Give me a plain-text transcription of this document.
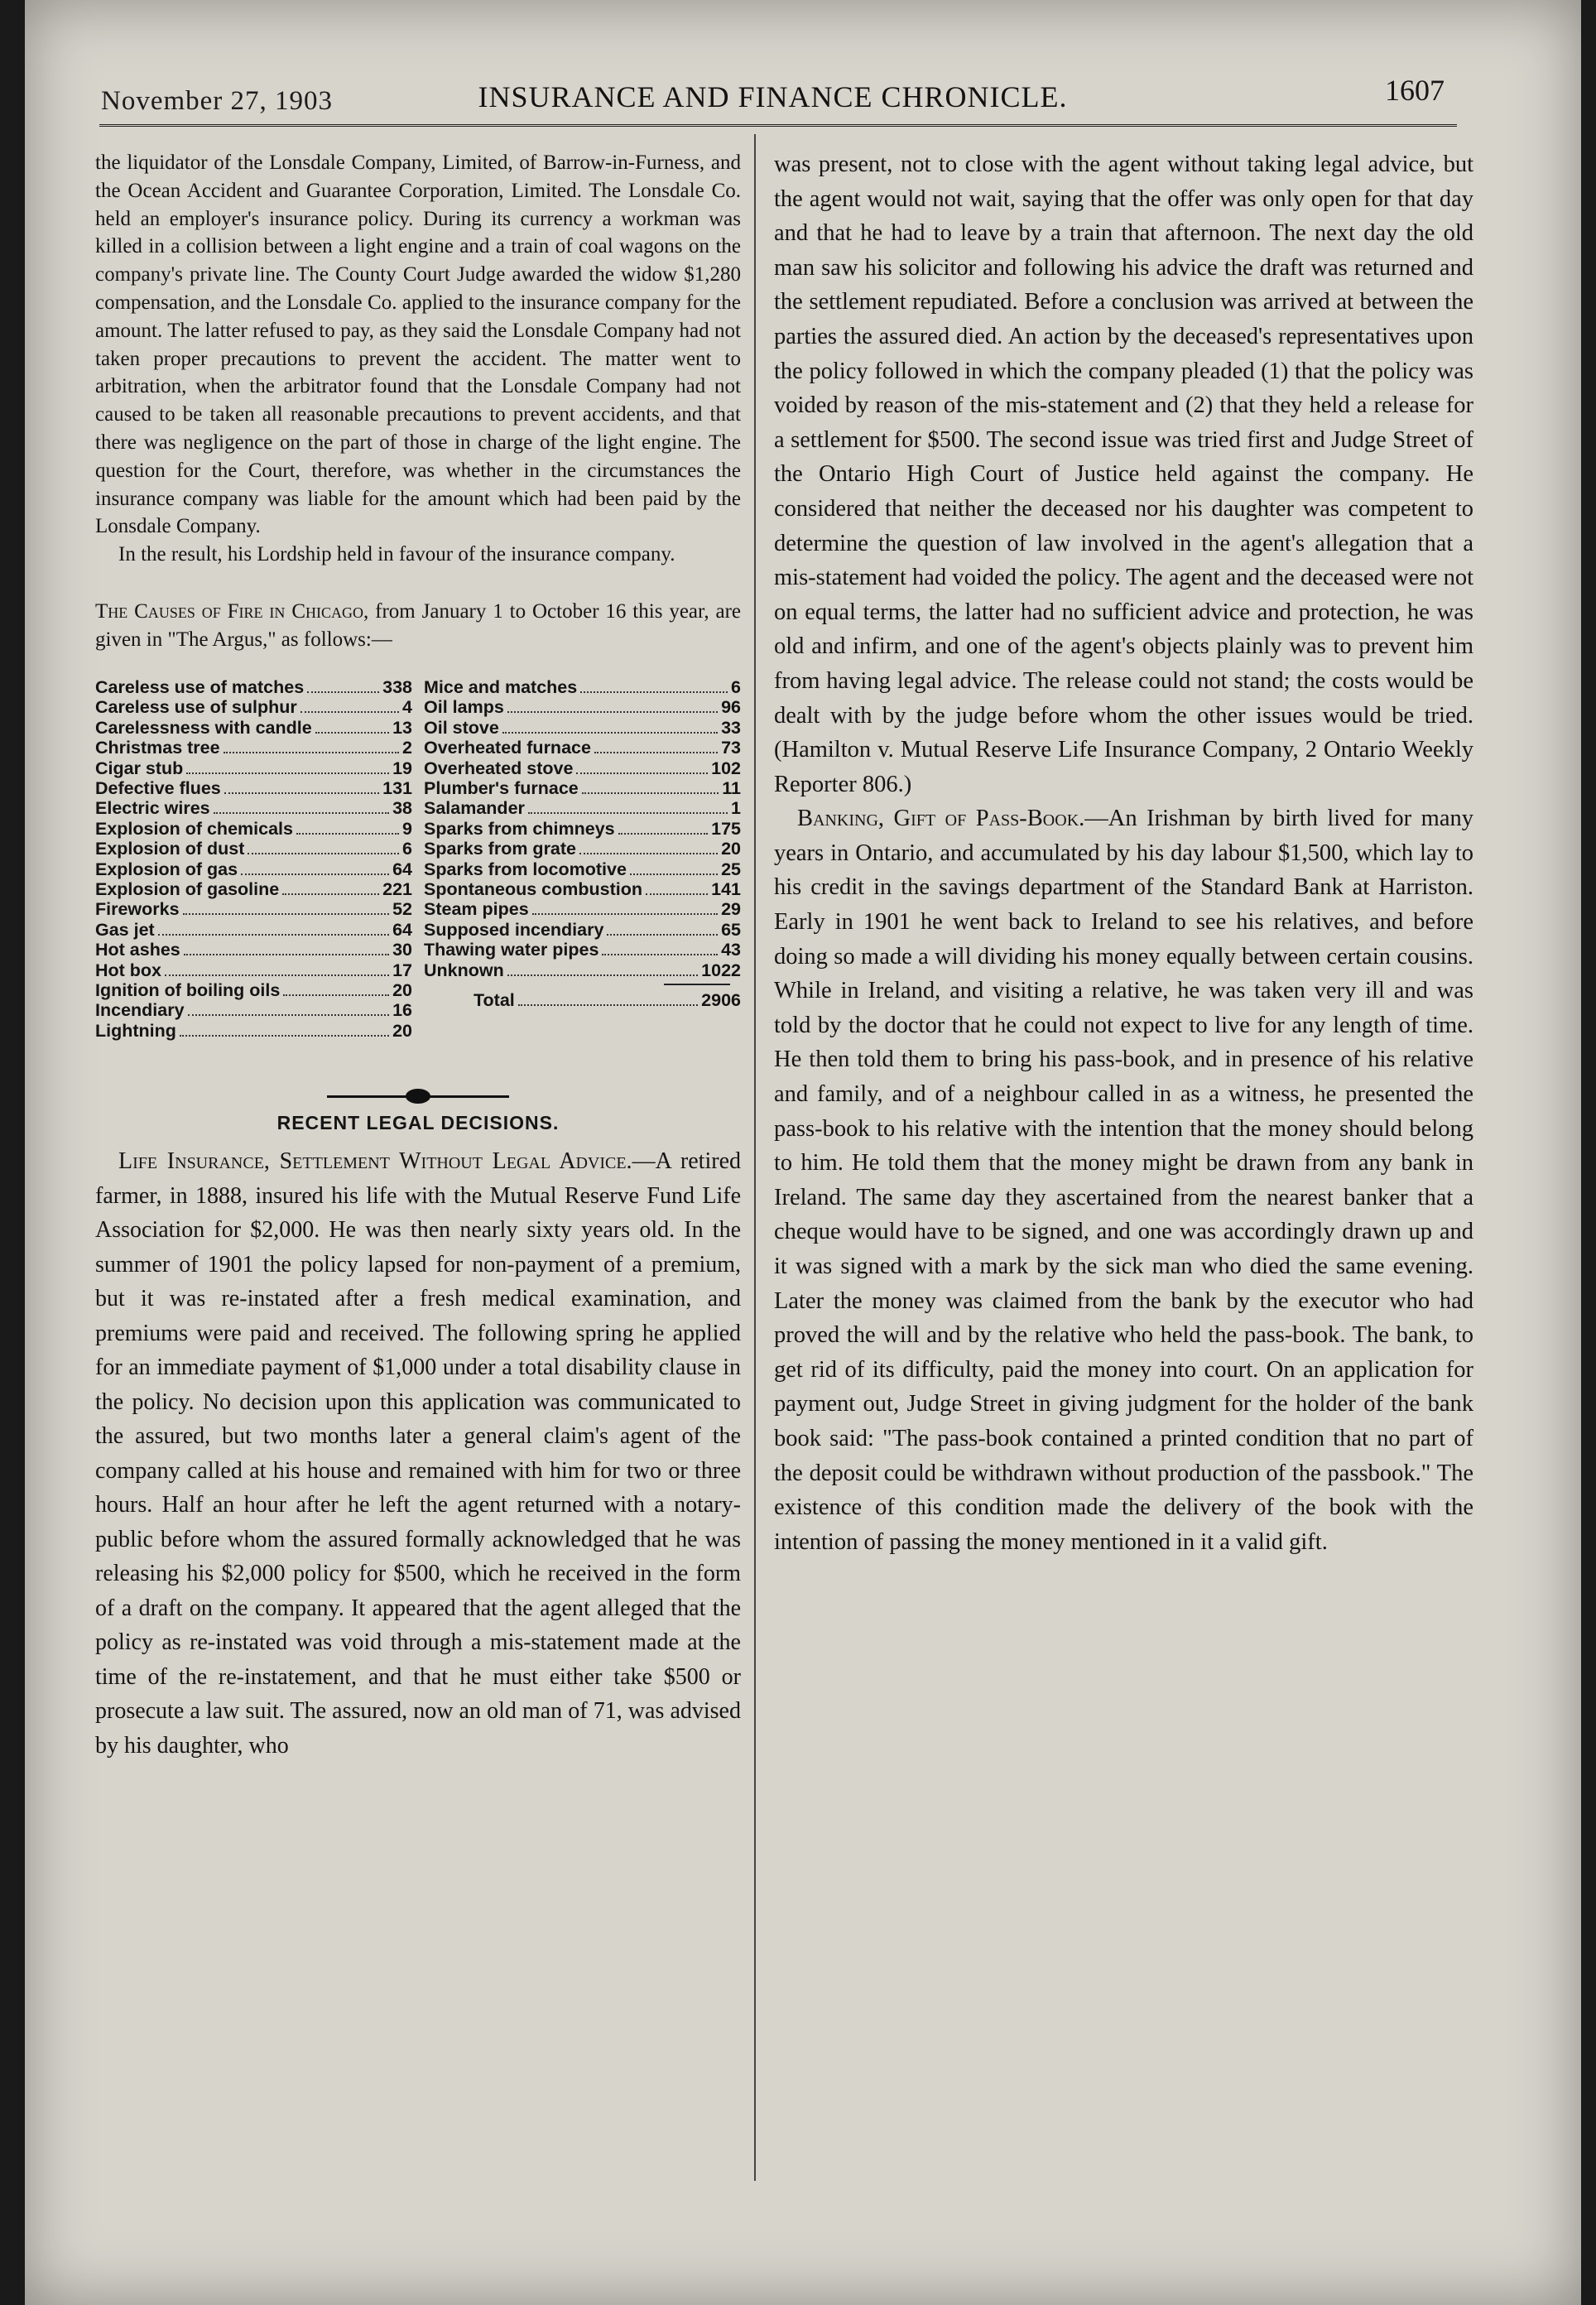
November 27, 1903	INSURANCE AND FINANCE CHRONICLE.	1607

the liquidator of the Lonsdale Company, Limited, of Barrow-in-Furness, and the Ocean Accident and Guarantee Corporation, Limited. The Lonsdale Co. held an employer's insurance policy. During its currency a workman was killed in a collision between a light engine and a train of coal wagons on the company's private line. The County Court Judge awarded the widow $1,280 compensation, and the Lonsdale Co. applied to the insurance company for the amount. The latter refused to pay, as they said the Lonsdale Company had not taken proper precautions to prevent the accident. The matter went to arbitration, when the arbitrator found that the Lonsdale Company had not caused to be taken all reasonable precautions to prevent accidents, and that there was negligence on the part of those in charge of the light engine. The question for the Court, therefore, was whether in the circumstances the insurance company was liable for the amount which had been paid by the Lonsdale Company.

In the result, his Lordship held in favour of the insurance company.

The Causes of Fire in Chicago, from January 1 to October 16 this year, are given in "The Argus," as follows:—

Careless use of matches	338
Careless use of sulphur	4
Carelessness with candle	13
Christmas tree	2
Cigar stub	19
Defective flues	131
Electric wires	38
Explosion of chemicals	9
Explosion of dust	6
Explosion of gas	64
Explosion of gasoline	221
Fireworks	52
Gas jet	64
Hot ashes	30
Hot box	17
Ignition of boiling oils	20
Incendiary	16
Lightning	20
Mice and matches	6
Oil lamps	96
Oil stove	33
Overheated furnace	73
Overheated stove	102
Plumber's furnace	11
Salamander	1
Sparks from chimneys	175
Sparks from grate	20
Sparks from locomotive	25
Spontaneous combustion	141
Steam pipes	29
Supposed incendiary	65
Thawing water pipes	43
Unknown	1022
Total	2906
RECENT LEGAL DECISIONS.

Life Insurance, Settlement Without Legal Advice.—A retired farmer, in 1888, insured his life with the Mutual Reserve Fund Life Association for $2,000. He was then nearly sixty years old. In the summer of 1901 the policy lapsed for non-payment of a premium, but it was re-instated after a fresh medical examination, and premiums were paid and received. The following spring he applied for an immediate payment of $1,000 under a total disability clause in the policy. No decision upon this application was communicated to the assured, but two months later a general claim's agent of the company called at his house and remained with him for two or three hours. Half an hour after he left the agent returned with a notary-public before whom the assured formally acknowledged that he was releasing his $2,000 policy for $500, which he received in the form of a draft on the company. It appeared that the agent alleged that the policy as re-instated was void through a mis-statement made at the time of the re-instatement, and that he must either take $500 or prosecute a law suit. The assured, now an old man of 71, was advised by his daughter, who

was present, not to close with the agent without taking legal advice, but the agent would not wait, saying that the offer was only open for that day and that he had to leave by a train that afternoon. The next day the old man saw his solicitor and following his advice the draft was returned and the settlement repudiated. Before a conclusion was arrived at between the parties the assured died. An action by the deceased's representatives upon the policy followed in which the company pleaded (1) that the policy was voided by reason of the mis-statement and (2) that they held a release for a settlement for $500. The second issue was tried first and Judge Street of the Ontario High Court of Justice held against the company. He considered that neither the deceased nor his daughter was competent to determine the question of law involved in the agent's allegation that a mis-statement had voided the policy. The agent and the deceased were not on equal terms, the latter had no sufficient advice and protection, he was old and infirm, and one of the agent's objects plainly was to prevent him from having legal advice. The release could not stand; the costs would be dealt with by the judge before whom the other issues would be tried. (Hamilton v. Mutual Reserve Life Insurance Company, 2 Ontario Weekly Reporter 806.)

Banking, Gift of Pass-Book.—An Irishman by birth lived for many years in Ontario, and accumulated by his day labour $1,500, which lay to his credit in the savings department of the Standard Bank at Harriston. Early in 1901 he went back to Ireland to see his relatives, and before doing so made a will dividing his money equally between certain cousins. While in Ireland, and visiting a relative, he was taken very ill and was told by the doctor that he could not expect to live for any length of time. He then told them to bring his pass-book, and in presence of his relative and family, and of a neighbour called in as a witness, he presented the pass-book to his relative with the intention that the money should belong to him. He told them that the money might be drawn from any bank in Ireland. The same day they ascertained from the nearest banker that a cheque would have to be signed, and one was accordingly drawn up and it was signed with a mark by the sick man who died the same evening. Later the money was claimed from the bank by the executor who had proved the will and by the relative who held the pass-book. The bank, to get rid of its difficulty, paid the money into court. On an application for payment out, Judge Street in giving judgment for the holder of the bank book said: "The pass-book contained a printed condition that no part of the deposit could be withdrawn without production of the passbook." The existence of this condition made the delivery of the book with the intention of passing the money mentioned in it a valid gift.
